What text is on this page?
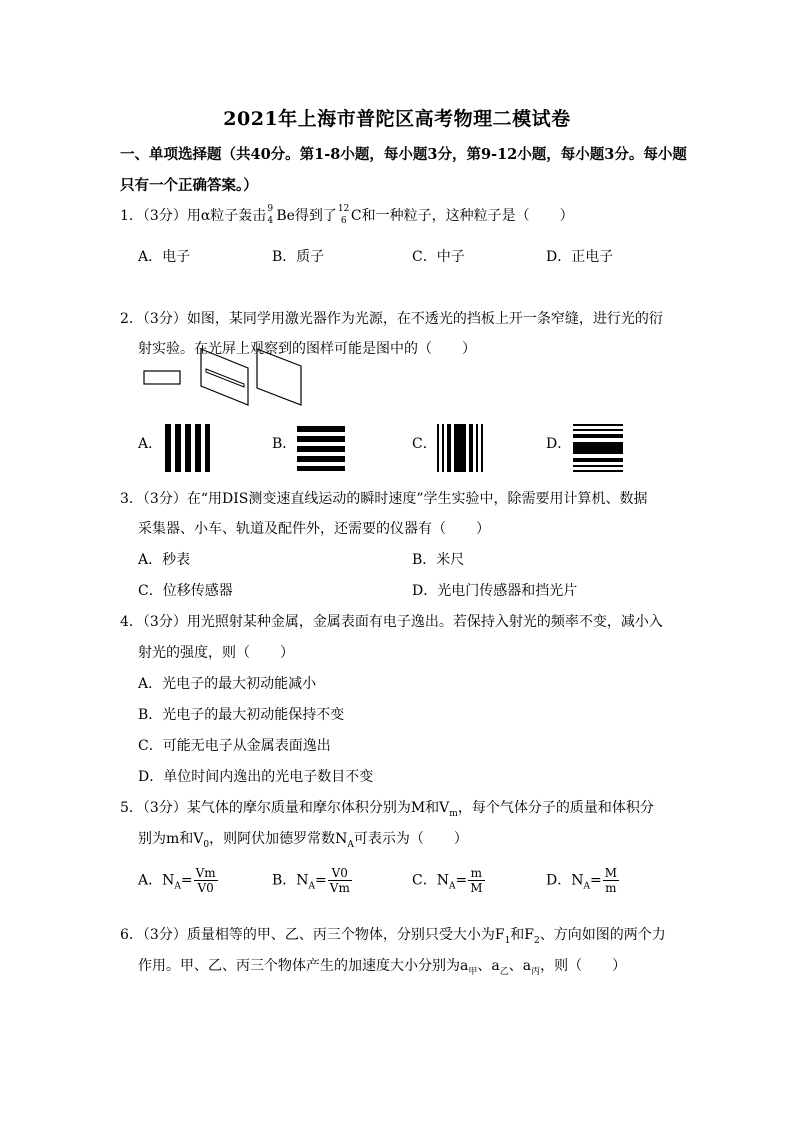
2021年上海市普陀区高考物理二模试卷
一、单项选择题（共40分。第1-8小题，每小题3分，第9-12小题，每小题3分。每小题
只有一个正确答案。）
1．（3分）用α粒子轰击 9
4 Be得到了 12
6 C和一种粒子，这种粒子是（ ）
A．电子	B．质子	C．中子	D．正电子
2．（3分）如图，某同学用激光器作为光源，在不透光的挡板上开一条窄缝，进行光的衍
射实验。在光屏上观察到的图样可能是图中的（ ）
A．	B．	C．	D．
3．（3分）在“用DIS测变速直线运动的瞬时速度”学生实验中，除需要用计算机、数据
采集器、小车、轨道及配件外，还需要的仪器有（ ）
A．秒表	B．米尺
C．位移传感器	D．光电门传感器和挡光片
4．（3分）用光照射某种金属，金属表面有电子逸出。若保持入射光的频率不变，减小入
射光的强度，则（ ）
A．光电子的最大初动能减小
B．光电子的最大初动能保持不变
C．可能无电子从金属表面逸出
D．单位时间内逸出的光电子数目不变
5．（3分）某气体的摩尔质量和摩尔体积分别为M和$V_m$，每个气体分子的质量和体积分
别为m和$V_0$，则阿伏加德罗常数$N_A$可表示为（ ）
A．$N_A= \frac{Vm}{V0}$	B．$N_A= \frac{V0}{Vm}$	C．$N_A= \frac{m}{M}$	D．$N_A= \frac{M}{m}$
6．（3分）质量相等的甲、乙、丙三个物体，分别只受大小为$F_1$和$F_2$、方向如图的两个力
作用。甲、乙、丙三个物体产生的加速度大小分别为$a_甲$、$a_乙$、$a_丙$，则（ ）
